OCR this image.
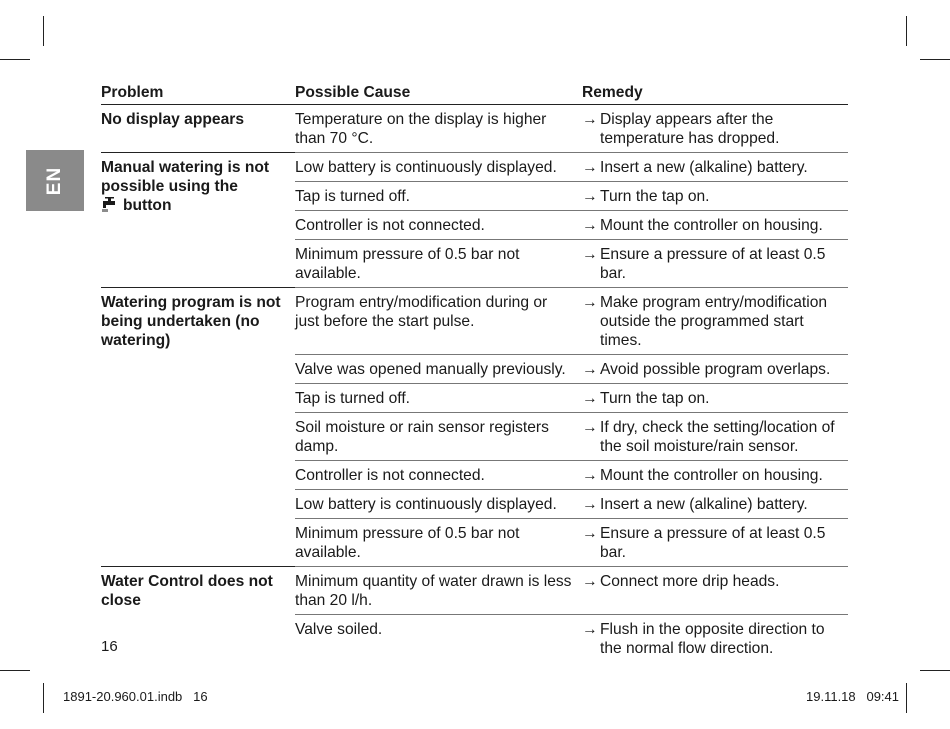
EN
Problem	Possible Cause	Remedy
No display appears	Temperature on the display is higher than 70 °C.	→ Display appears after the temperature has dropped.

Manual watering is not possible using the
button	Low battery is continuously displayed.	→ Insert a new (alkaline) battery.

	Tap is turned off.	→ Turn the tap on.

	Controller is not connected.	→ Mount the controller on housing.

	Minimum pressure of 0.5 bar not available.	→ Ensure a pressure of at least 0.5 bar.

Watering program is not being undertaken (no watering)	Program entry/modification during or just before the start pulse.	→ Make program entry/modification outside the programmed start times.

	Valve was opened manually previously.	→ Avoid possible program overlaps.

	Tap is turned off.	→ Turn the tap on.

	Soil moisture or rain sensor registers damp.	→ If dry, check the setting/location of the soil moisture/rain sensor.

	Controller is not connected.	→ Mount the controller on housing.

	Low battery is continuously displayed.	→ Insert a new (alkaline) battery.

	Minimum pressure of 0.5 bar not available.	→ Ensure a pressure of at least 0.5 bar.

Water Control does not close	Minimum quantity of water drawn is less than 20 l/h.	→ Connect more drip heads.

	Valve soiled.	→ Flush in the opposite direction to the normal flow direction.
16
1891-20.960.01.indb   16	19.11.18   09:41
